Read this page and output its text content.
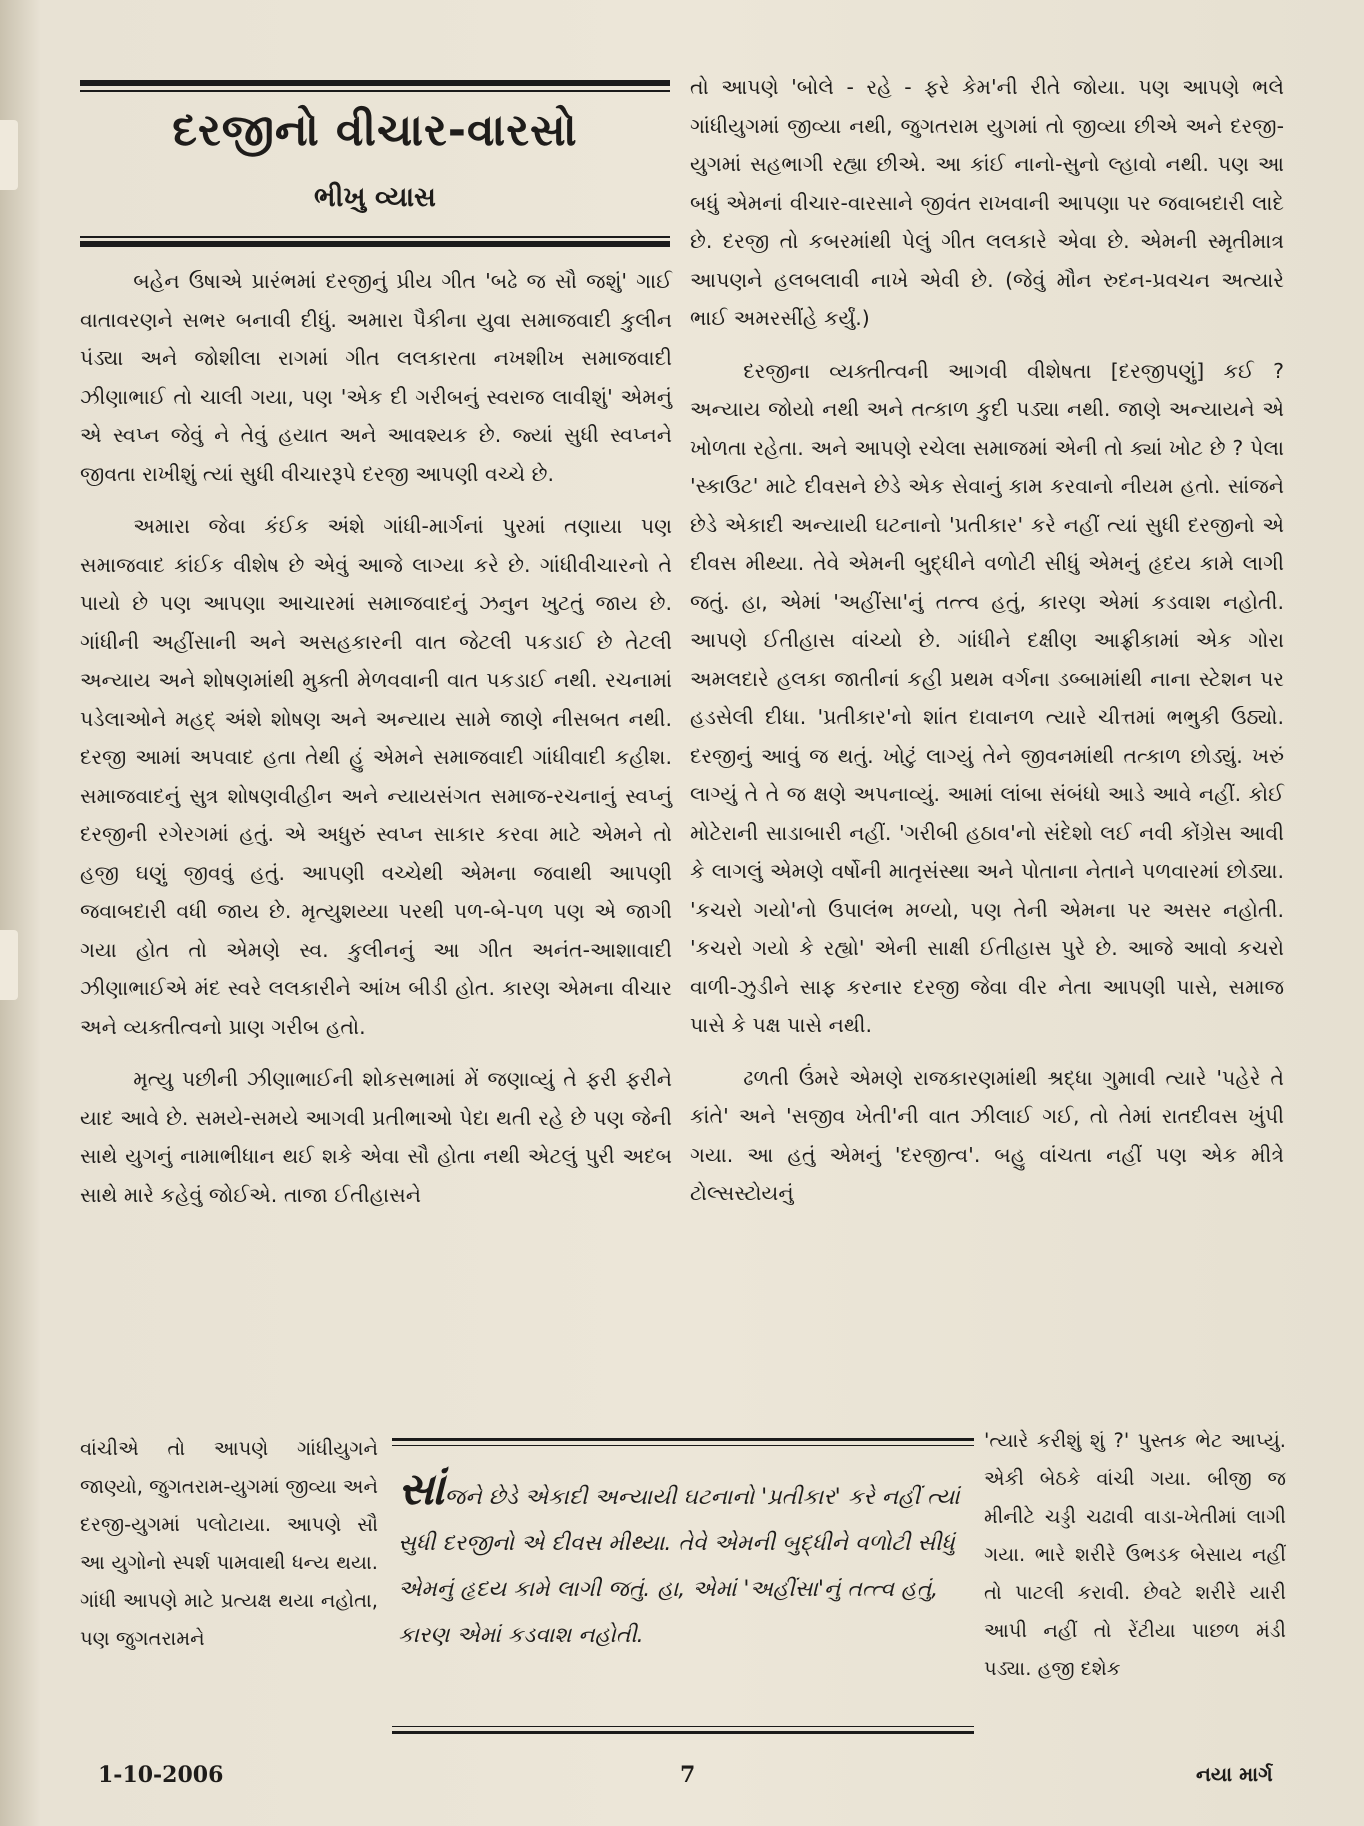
દરજીનો વીચાર-વારસો
ભીખુ વ્યાસ

બહેન ઉષાએ પ્રારંભમાં દરજીનું પ્રીય ગીત 'બઢે જ સૌ જશું' ગાઈ વાતાવરણને સભર બનાવી દીધું. અમારા પૈકીના યુવા સમાજવાદી કુલીન પંડ્યા અને જોશીલા રાગમાં ગીત લલકારતા નખશીખ સમાજવાદી ઝીણાભાઈ તો ચાલી ગયા, પણ 'એક દી ગરીબનું સ્વરાજ લાવીશું' એમનું એ સ્વપ્ન જેવું ને તેવું હયાત અને આવશ્યક છે. જ્યાં સુધી સ્વપ્નને જીવતા રાખીશું ત્યાં સુધી વીચારરૂપે દરજી આપણી વચ્ચે છે.

અમારા જેવા કંઈક અંશે ગાંધી-માર્ગનાં પુરમાં તણાયા પણ સમાજવાદ કાંઈક વીશેષ છે એવું આજે લાગ્યા કરે છે. ગાંધીવીચારનો તે પાયો છે પણ આપણા આચારમાં સમાજવાદનું ઝનુન ખુટતું જાય છે. ગાંધીની અહીંસાની અને અસહકારની વાત જેટલી પકડાઈ છે તેટલી અન્યાય અને શોષણમાંથી મુક્તી મેળવવાની વાત પકડાઈ નથી. રચનામાં પડેલાઓને મહદ્ અંશે શોષણ અને અન્યાય સામે જાણે નીસબત નથી. દરજી આમાં અપવાદ હતા તેથી હું એમને સમાજવાદી ગાંધીવાદી કહીશ. સમાજવાદનું સુત્ર શોષણવીહીન અને ન્યાયસંગત સમાજ-રચનાનું સ્વપ્નું દરજીની રગેરગમાં હતું. એ અધુરું સ્વપ્ન સાકાર કરવા માટે એમને તો હજી ઘણું જીવવું હતું. આપણી વચ્ચેથી એમના જવાથી આપણી જવાબદારી વધી જાય છે. મૃત્યુશય્યા પરથી પળ-બે-પળ પણ એ જાગી ગયા હોત તો એમણે સ્વ. કુલીનનું આ ગીત અનંત-આશાવાદી ઝીણાભાઈએ મંદ સ્વરે લલકારીને આંખ બીડી હોત. કારણ એમના વીચાર અને વ્યક્તીત્વનો પ્રાણ ગરીબ હતો.

મૃત્યુ પછીની ઝીણાભાઈની શોકસભામાં મેં જણાવ્યું તે ફરી ફરીને યાદ આવે છે. સમયે-સમયે આગવી પ્રતીભાઓ પેદા થતી રહે છે પણ જેની સાથે યુગનું નામાભીધાન થઈ શકે એવા સૌ હોતા નથી એટલું પુરી અદબ સાથે મારે કહેવું જોઈએ. તાજા ઈતીહાસને

તો આપણે 'બોલે - રહે - ફરે કેમ'ની રીતે જોયા. પણ આપણે ભલે ગાંધીયુગમાં જીવ્યા નથી, જુગતરામ યુગમાં તો જીવ્યા છીએ અને દરજી-યુગમાં સહભાગી રહ્યા છીએ. આ કાંઈ નાનો-સુનો લ્હાવો નથી. પણ આ બધું એમનાં વીચાર-વારસાને જીવંત રાખવાની આપણા પર જવાબદારી લાદે છે. દરજી તો કબરમાંથી પેલું ગીત લલકારે એવા છે. એમની સ્મૃતીમાત્ર આપણને હલબલાવી નાખે એવી છે. (જેવું મૌન રુદન-પ્રવચન અત્યારે ભાઈ અમરસીંહે કર્યું.)

દરજીના વ્યક્તીત્વની આગવી વીશેષતા [દરજીપણું] કઈ ? અન્યાય જોયો નથી અને તત્કાળ કુદી પડ્યા નથી. જાણે અન્યાયને એ ખોળતા રહેતા. અને આપણે રચેલા સમાજમાં એની તો ક્યાં ખોટ છે ? પેલા 'સ્કાઉટ' માટે દીવસને છેડે એક સેવાનું કામ કરવાનો નીયમ હતો. સાંજને છેડે એકાદી અન્યાયી ઘટનાનો 'પ્રતીકાર' કરે નહીં ત્યાં સુધી દરજીનો એ દીવસ મીથ્યા. તેવે એમની બુદ્ધીને વળોટી સીધું એમનું હૃદય કામે લાગી જતું. હા, એમાં 'અહીંસા'નું તત્ત્વ હતું, કારણ એમાં કડવાશ નહોતી. આપણે ઈતીહાસ વાંચ્યો છે. ગાંધીને દક્ષીણ આફ્રીકામાં એક ગોરા અમલદારે હલકા જાતીનાં કહી પ્રથમ વર્ગના ડબ્બામાંથી નાના સ્ટેશન પર હડસેલી દીધા. 'પ્રતીકાર'નો શાંત દાવાનળ ત્યારે ચીત્તમાં ભભુકી ઉઠ્યો. દરજીનું આવું જ થતું. ખોટું લાગ્યું તેને જીવનમાંથી તત્કાળ છોડ્યું. ખરું લાગ્યું તે તે જ ક્ષણે અપનાવ્યું. આમાં લાંબા સંબંધો આડે આવે નહીં. કોઈ મોટેરાની સાડાબારી નહીં. 'ગરીબી હઠાવ'નો સંદેશો લઈ નવી કોંગ્રેસ આવી કે લાગલું એમણે વર્ષોની માતૃસંસ્થા અને પોતાના નેતાને પળવારમાં છોડ્યા. 'કચરો ગયો'નો ઉપાલંભ મળ્યો, પણ તેની એમના પર અસર નહોતી. 'કચરો ગયો કે રહ્યો' એની સાક્ષી ઈતીહાસ પુરે છે. આજે આવો કચરો વાળી-ઝુડીને સાફ કરનાર દરજી જેવા વીર નેતા આપણી પાસે, સમાજ પાસે કે પક્ષ પાસે નથી.

ઢળતી ઉંમરે એમણે રાજકારણમાંથી શ્રદ્ધા ગુમાવી ત્યારે 'પહેરે તે કાંતે' અને 'સજીવ ખેતી'ની વાત ઝીલાઈ ગઈ, તો તેમાં રાતદીવસ ખુંપી ગયા. આ હતું એમનું 'દરજીત્વ'. બહુ વાંચતા નહીં પણ એક મીત્રે ટોલ્સસ્ટોયનું

વાંચીએ તો આપણે ગાંધીયુગને જાણ્યો, જુગતરામ-યુગમાં જીવ્યા અને દરજી-યુગમાં પલોટાયા. આપણે સૌ આ યુગોનો સ્પર્શ પામવાથી ધન્ય થયા. ગાંધી આપણે માટે પ્રત્યક્ષ થયા નહોતા, પણ જુગતરામને
'ત્યારે કરીશું શું ?' પુસ્તક ભેટ આપ્યું. એકી બેઠકે વાંચી ગયા. બીજી જ મીનીટે ચડ્ડી ચઢાવી વાડા-ખેતીમાં લાગી ગયા. ભારે શરીરે ઉભડક બેસાય નહીં તો પાટલી કરાવી. છેવટે શરીરે યારી આપી નહીં તો રેંટીયા પાછળ મંડી પડ્યા. હજી દશેક
સાંજને છેડે એકાદી અન્યાયી ઘટનાનો 'પ્રતીકાર' કરે નહીં ત્યાં સુધી દરજીનો એ દીવસ મીથ્યા. તેવે એમની બુદ્ધીને વળોટી સીધું એમનું હૃદય કામે લાગી જતું. હા, એમાં 'અહીંસા'નું તત્ત્વ હતું, કારણ એમાં કડવાશ નહોતી.
1-10-2006	7	નયા માર્ગ
